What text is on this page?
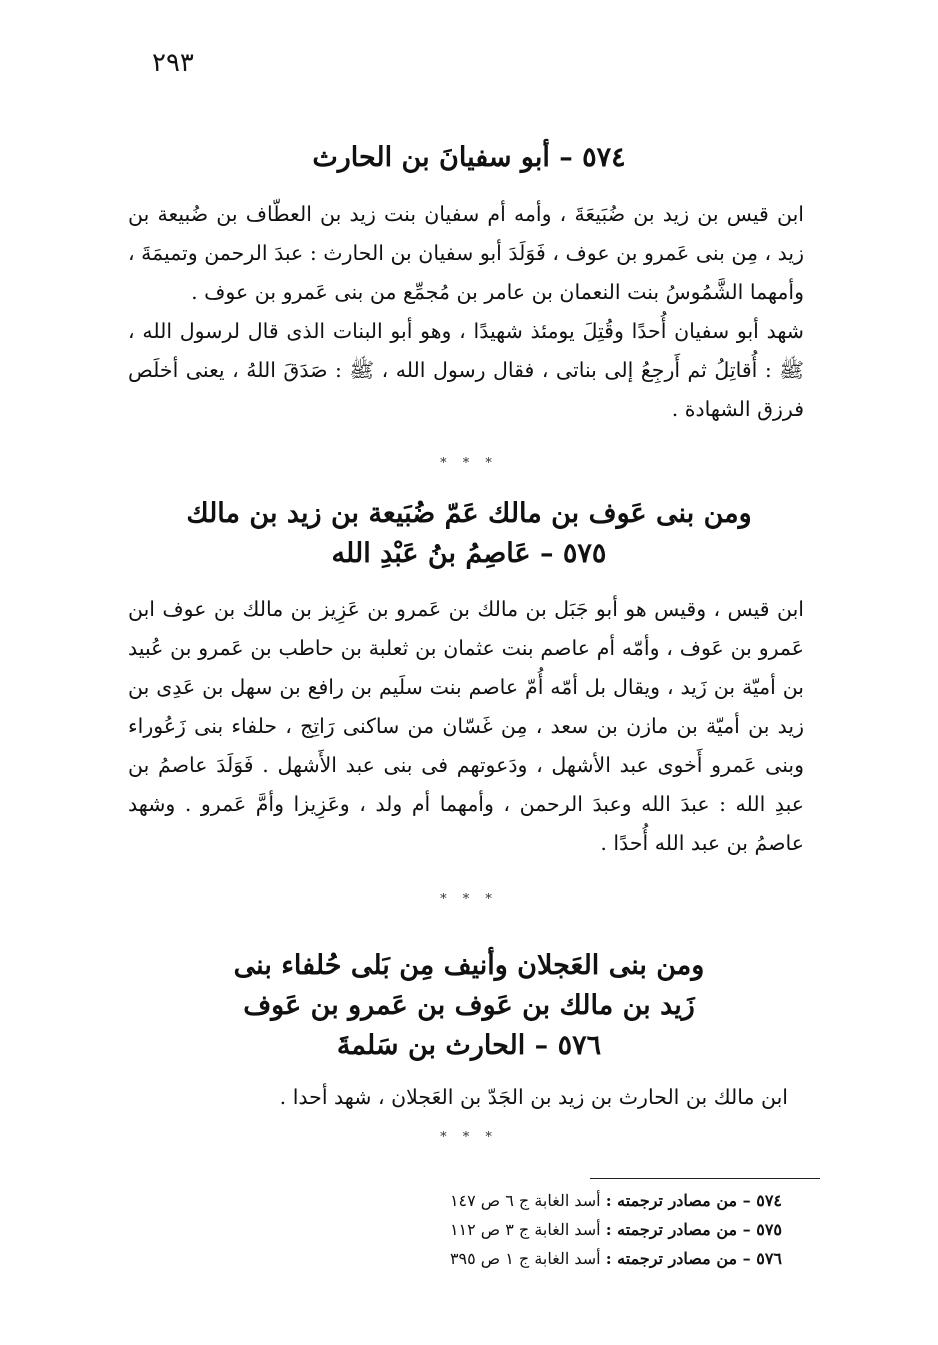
٢٩٣
٥٧٤ – أبو سفيانَ بن الحارث

ابن قيس بن زيد بن ضُبَيعَةَ ، وأمه أم سفيان بنت زيد بن العطّاف بن ضُبيعة بن زيد ، مِن بنى عَمرو بن عوف ، فَوَلَدَ أبو سفيان بن الحارث : عبدَ الرحمن وتميمَةَ ، وأمهما الشَّمُوسُ بنت النعمان بن عامر بن مُجمِّع من بنى عَمرو بن عوف .

شهد أبو سفيان أُحدًا وقُتِلَ يومئذ شهيدًا ، وهو أبو البنات الذى قال لرسول الله ، ﷺ : أُقاتِلُ ثم أَرجِعُ إلى بناتى ، فقال رسول الله ، ﷺ : صَدَقَ اللهُ ، يعنى أخلَص فرزق الشهادة .

* * *
ومن بنى عَوف بن مالك عَمّ ضُبَيعة بن زيد بن مالك
٥٧٥ – عَاصِمُ بنُ عَبْدِ الله

ابن قيس ، وقيس هو أبو جَبَل بن مالك بن عَمرو بن عَزِيز بن مالك بن عوف ابن عَمرو بن عَوف ، وأمّه أم عاصم بنت عثمان بن ثعلبة بن حاطب بن عَمرو بن عُبيد بن أميّة بن زَيد ، ويقال بل أمّه أُمّ عاصم بنت سلَيم بن رافع بن سهل بن عَدِى بن زيد بن أميّة بن مازن بن سعد ، مِن غَسّان من ساكنى رَاتِج ، حلفاء بنى زَعُوراء وبنى عَمرو أَخوى عبد الأشهل ، ودَعوتهم فى بنى عبد الأَشهل . فَوَلَدَ عاصمُ بن عبدِ الله : عبدَ الله وعبدَ الرحمن ، وأمهما أم ولد ، وعَزِيزا وأمَّ عَمرو . وشهد عاصمُ بن عبد الله أُحدًا .

* * *
ومن بنى العَجلان وأنيف مِن بَلى حُلفاء بنى
زَيد بن مالك بن عَوف بن عَمرو بن عَوف
٥٧٦ – الحارث بن سَلمةَ

ابن مالك بن الحارث بن زيد بن الجَدّ بن العَجلان ، شهد أحدا .

* * *
٥٧٤ – من مصادر ترجمته : أسد الغابة ج ٦ ص ١٤٧
٥٧٥ – من مصادر ترجمته : أسد الغابة ج ٣ ص ١١٢
٥٧٦ – من مصادر ترجمته : أسد الغابة ج ١ ص ٣٩٥
